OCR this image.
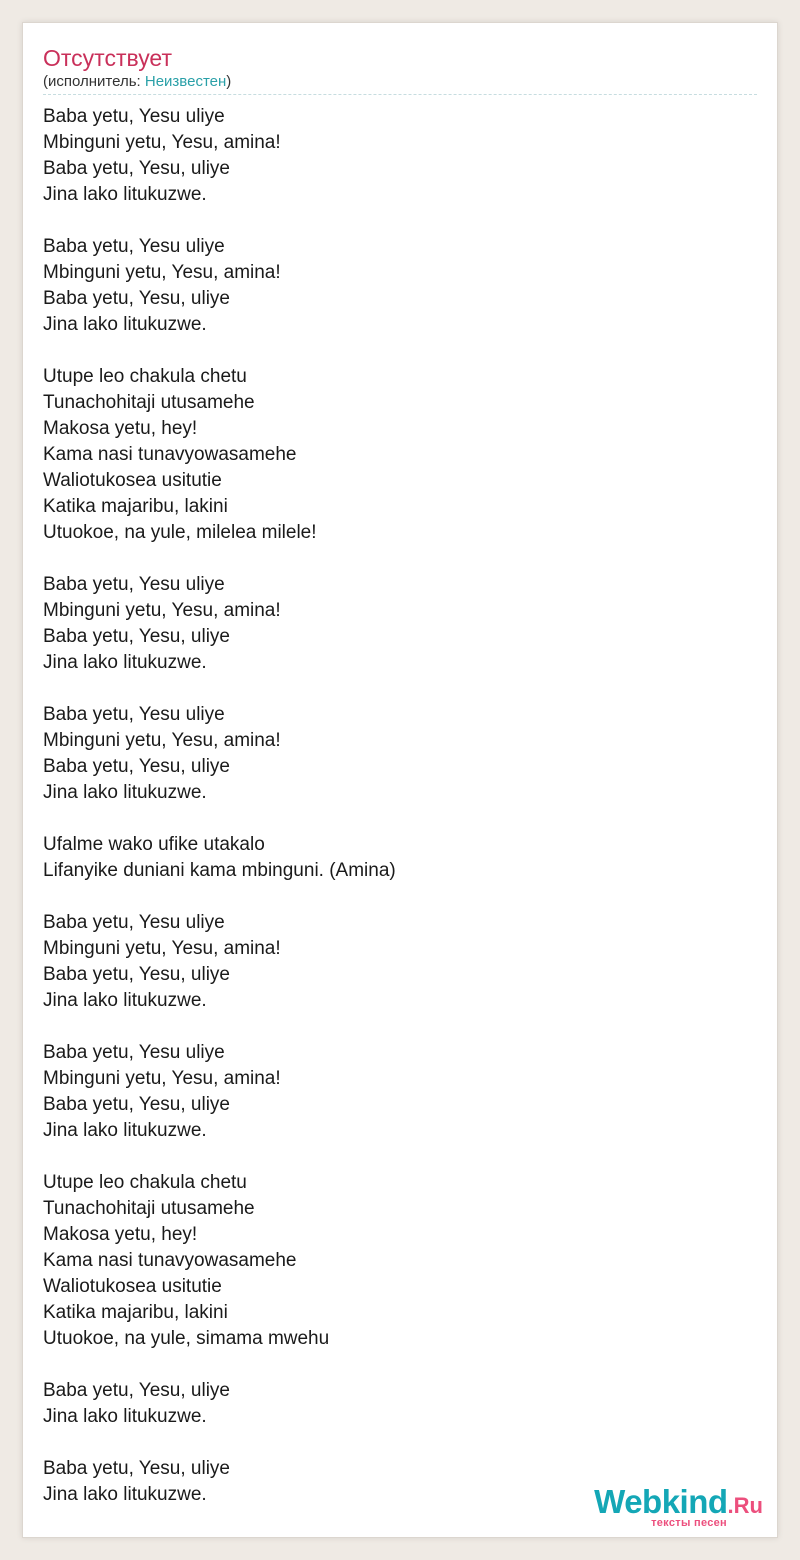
Отсутствует
(исполнитель: Неизвестен)
Baba yetu, Yesu uliye
Mbinguni yetu, Yesu, amina!
Baba yetu, Yesu, uliye
Jina lako litukuzwe.
Baba yetu, Yesu uliye
Mbinguni yetu, Yesu, amina!
Baba yetu, Yesu, uliye
Jina lako litukuzwe.
Utupe leo chakula chetu
Tunachohitaji utusamehe
Makosa yetu, hey!
Kama nasi tunavyowasamehe
Waliotukosea usitutie
Katika majaribu, lakini
Utuokoe, na yule, milelea milele!
Baba yetu, Yesu uliye
Mbinguni yetu, Yesu, amina!
Baba yetu, Yesu, uliye
Jina lako litukuzwe.
Baba yetu, Yesu uliye
Mbinguni yetu, Yesu, amina!
Baba yetu, Yesu, uliye
Jina lako litukuzwe.
Ufalme wako ufike utakalo
Lifanyike duniani kama mbinguni. (Amina)
Baba yetu, Yesu uliye
Mbinguni yetu, Yesu, amina!
Baba yetu, Yesu, uliye
Jina lako litukuzwe.
Baba yetu, Yesu uliye
Mbinguni yetu, Yesu, amina!
Baba yetu, Yesu, uliye
Jina lako litukuzwe.
Utupe leo chakula chetu
Tunachohitaji utusamehe
Makosa yetu, hey!
Kama nasi tunavyowasamehe
Waliotukosea usitutie
Katika majaribu, lakini
Utuokoe, na yule, simama mwehu
Baba yetu, Yesu, uliye
Jina lako litukuzwe.
Baba yetu, Yesu, uliye
Jina lako litukuzwe.	Webkind.Ru
тексты песен
